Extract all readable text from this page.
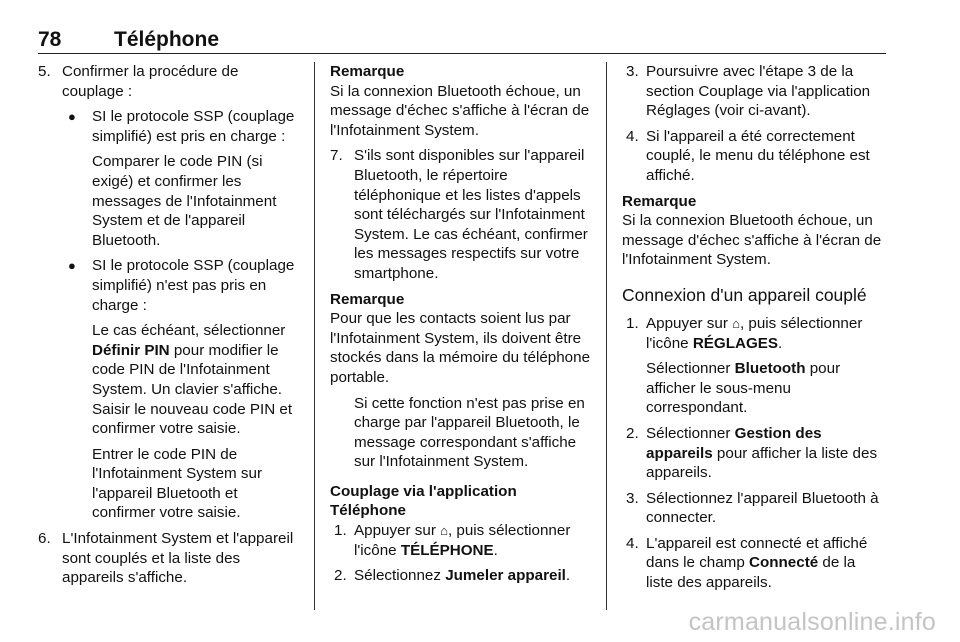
78	Téléphone
5. Confirmer la procédure de couplage :
● SI le protocole SSP (couplage simplifié) est pris en charge :
Comparer le code PIN (si exigé) et confirmer les messages de l'Infotainment System et de l'appareil Bluetooth.
● SI le protocole SSP (couplage simplifié) n'est pas pris en charge :
Le cas échéant, sélectionner Définir PIN pour modifier le code PIN de l'Infotainment System. Un clavier s'affiche. Saisir le nouveau code PIN et confirmer votre saisie.
Entrer le code PIN de l'Infotainment System sur l'appareil Bluetooth et confirmer votre saisie.
6. L'Infotainment System et l'appareil sont couplés et la liste des appareils s'affiche.
Remarque
Si la connexion Bluetooth échoue, un message d'échec s'affiche à l'écran de l'Infotainment System.
7. S'ils sont disponibles sur l'appareil Bluetooth, le répertoire téléphonique et les listes d'appels sont téléchargés sur l'Infotainment System. Le cas échéant, confirmer les messages respectifs sur votre smartphone.
Remarque
Pour que les contacts soient lus par l'Infotainment System, ils doivent être stockés dans la mémoire du téléphone portable.
Si cette fonction n'est pas prise en charge par l'appareil Bluetooth, le message correspondant s'affiche sur l'Infotainment System.
Couplage via l'application Téléphone
1. Appuyer sur ⌂, puis sélectionner l'icône TÉLÉPHONE.
2. Sélectionnez Jumeler appareil.
3. Poursuivre avec l'étape 3 de la section Couplage via l'application Réglages (voir ci-avant).
4. Si l'appareil a été correctement couplé, le menu du téléphone est affiché.
Remarque
Si la connexion Bluetooth échoue, un message d'échec s'affiche à l'écran de l'Infotainment System.
Connexion d'un appareil couplé
1. Appuyer sur ⌂, puis sélectionner l'icône RÉGLAGES.
Sélectionner Bluetooth pour afficher le sous-menu correspondant.
2. Sélectionner Gestion des appareils pour afficher la liste des appareils.
3. Sélectionnez l'appareil Bluetooth à connecter.
4. L'appareil est connecté et affiché dans le champ Connecté de la liste des appareils.
carmanualsonline.info
